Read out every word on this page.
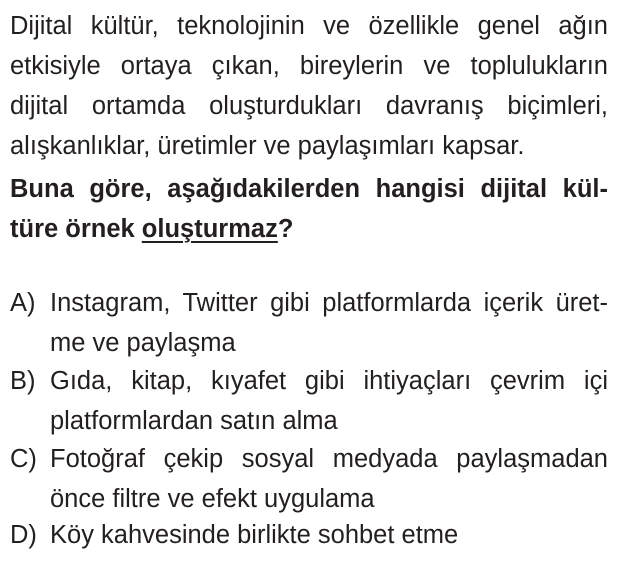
Dijital kültür, teknolojinin ve özellikle genel ağın
etkisiyle ortaya çıkan, bireylerin ve toplulukların
dijital ortamda oluşturdukları davranış biçimleri,
alışkanlıklar, üretimler ve paylaşımları kapsar.
Buna göre, aşağıdakilerden hangisi dijital kül-
türe örnek oluşturmaz?
A) Instagram, Twitter gibi platformlarda içerik üret-
me ve paylaşma
B) Gıda, kitap, kıyafet gibi ihtiyaçları çevrim içi
platformlardan satın alma
C) Fotoğraf çekip sosyal medyada paylaşmadan
önce filtre ve efekt uygulama
D) Köy kahvesinde birlikte sohbet etme
